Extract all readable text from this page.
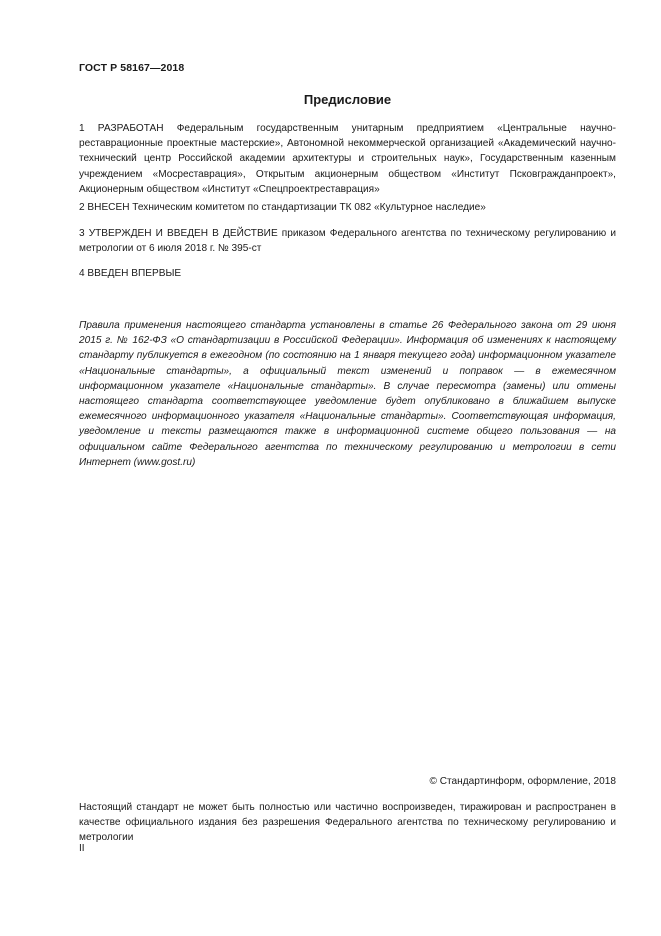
ГОСТ Р 58167—2018
Предисловие

1 РАЗРАБОТАН Федеральным государственным унитарным предприятием «Центральные научно-реставрационные проектные мастерские», Автономной некоммерческой организацией «Академический научно-технический центр Российской академии архитектуры и строительных наук», Государственным казенным учреждением «Мосреставрация», Открытым акционерным обществом «Институт Псковгражданпроект», Акционерным обществом «Институт «Спецпроектреставрация»

2 ВНЕСЕН Техническим комитетом по стандартизации ТК 082 «Культурное наследие»

3 УТВЕРЖДЕН И ВВЕДЕН В ДЕЙСТВИЕ приказом Федерального агентства по техническому регулированию и метрологии от 6 июля 2018 г. № 395-ст

4 ВВЕДЕН ВПЕРВЫЕ

Правила применения настоящего стандарта установлены в статье 26 Федерального закона от 29 июня 2015 г. № 162-ФЗ «О стандартизации в Российской Федерации». Информация об изменениях к настоящему стандарту публикуется в ежегодном (по состоянию на 1 января текущего года) информационном указателе «Национальные стандарты», а официальный текст изменений и поправок — в ежемесячном информационном указателе «Национальные стандарты». В случае пересмотра (замены) или отмены настоящего стандарта соответствующее уведомление будет опубликовано в ближайшем выпуске ежемесячного информационного указателя «Национальные стандарты». Соответствующая информация, уведомление и тексты размещаются также в информационной системе общего пользования — на официальном сайте Федерального агентства по техническому регулированию и метрологии в сети Интернет (www.gost.ru)

© Стандартинформ, оформление, 2018

Настоящий стандарт не может быть полностью или частично воспроизведен, тиражирован и распространен в качестве официального издания без разрешения Федерального агентства по техническому регулированию и метрологии

II
